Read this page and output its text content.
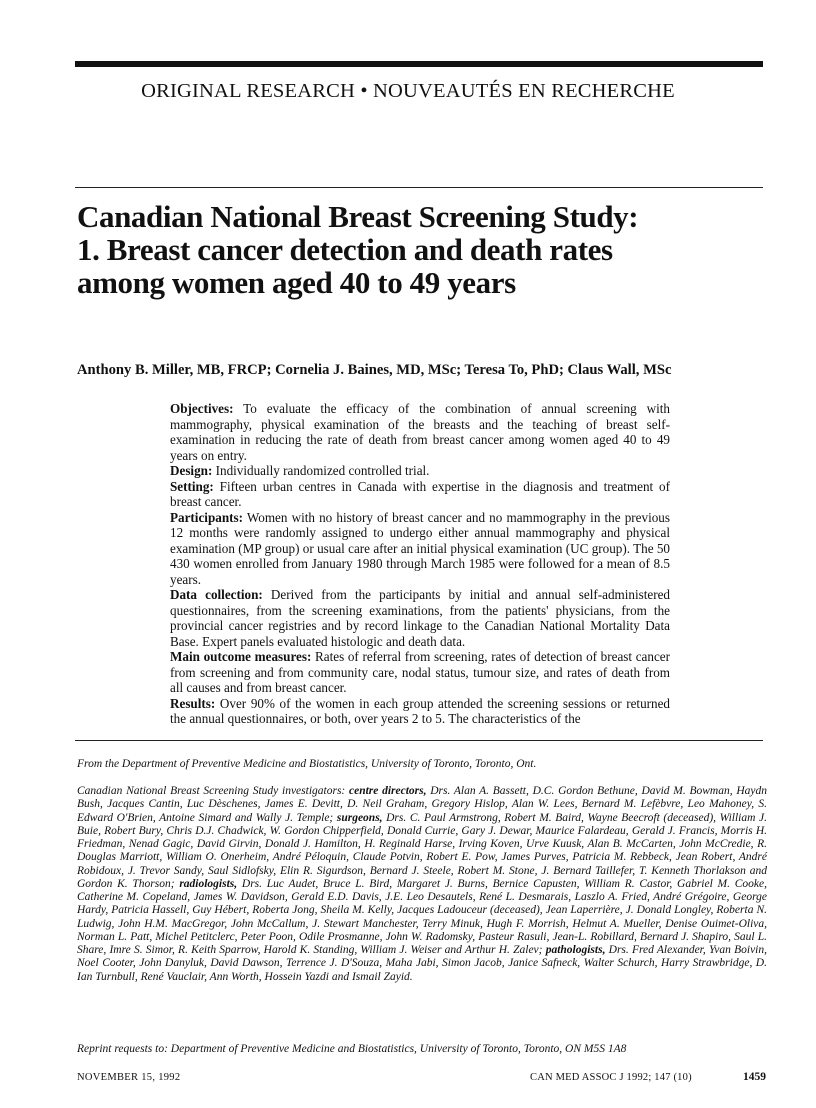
ORIGINAL RESEARCH • NOUVEAUTÉS EN RECHERCHE
Canadian National Breast Screening Study:
1. Breast cancer detection and death rates
among women aged 40 to 49 years
Anthony B. Miller, MB, FRCP; Cornelia J. Baines, MD, MSc; Teresa To, PhD; Claus Wall, MSc

Objectives: To evaluate the efficacy of the combination of annual screening with mammography, physical examination of the breasts and the teaching of breast self-examination in reducing the rate of death from breast cancer among women aged 40 to 49 years on entry.

Design: Individually randomized controlled trial.

Setting: Fifteen urban centres in Canada with expertise in the diagnosis and treatment of breast cancer.

Participants: Women with no history of breast cancer and no mammography in the previous 12 months were randomly assigned to undergo either annual mammography and physical examination (MP group) or usual care after an initial physical examination (UC group). The 50 430 women enrolled from January 1980 through March 1985 were followed for a mean of 8.5 years.

Data collection: Derived from the participants by initial and annual self-administered questionnaires, from the screening examinations, from the patients' physicians, from the provincial cancer registries and by record linkage to the Canadian National Mortality Data Base. Expert panels evaluated histologic and death data.

Main outcome measures: Rates of referral from screening, rates of detection of breast cancer from screening and from community care, nodal status, tumour size, and rates of death from all causes and from breast cancer.

Results: Over 90% of the women in each group attended the screening sessions or returned the annual questionnaires, or both, over years 2 to 5. The characteristics of the

From the Department of Preventive Medicine and Biostatistics, University of Toronto, Toronto, Ont.
Canadian National Breast Screening Study investigators: centre directors, Drs. Alan A. Bassett, D.C. Gordon Bethune, David M. Bowman, Haydn Bush, Jacques Cantin, Luc Dèschenes, James E. Devitt, D. Neil Graham, Gregory Hislop, Alan W. Lees, Bernard M. Lefèbvre, Leo Mahoney, S. Edward O'Brien, Antoine Simard and Wally J. Temple; surgeons, Drs. C. Paul Armstrong, Robert M. Baird, Wayne Beecroft (deceased), William J. Buie, Robert Bury, Chris D.J. Chadwick, W. Gordon Chipperfield, Donald Currie, Gary J. Dewar, Maurice Falardeau, Gerald J. Francis, Morris H. Friedman, Nenad Gagic, David Girvin, Donald J. Hamilton, H. Reginald Harse, Irving Koven, Urve Kuusk, Alan B. McCarten, John McCredie, R. Douglas Marriott, William O. Onerheim, André Péloquin, Claude Potvin, Robert E. Pow, James Purves, Patricia M. Rebbeck, Jean Robert, André Robidoux, J. Trevor Sandy, Saul Sidlofsky, Elin R. Sigurdson, Bernard J. Steele, Robert M. Stone, J. Bernard Taillefer, T. Kenneth Thorlakson and Gordon K. Thorson; radiologists, Drs. Luc Audet, Bruce L. Bird, Margaret J. Burns, Bernice Capusten, William R. Castor, Gabriel M. Cooke, Catherine M. Copeland, James W. Davidson, Gerald E.D. Davis, J.E. Leo Desautels, René L. Desmarais, Laszlo A. Fried, André Grégoire, George Hardy, Patricia Hassell, Guy Hébert, Roberta Jong, Sheila M. Kelly, Jacques Ladouceur (deceased), Jean Laperrière, J. Donald Longley, Roberta N. Ludwig, John H.M. MacGregor, John McCallum, J. Stewart Manchester, Terry Minuk, Hugh F. Morrish, Helmut A. Mueller, Denise Ouimet-Oliva, Norman L. Patt, Michel Petitclerc, Peter Poon, Odile Prosmanne, John W. Radomsky, Pasteur Rasuli, Jean-L. Robillard, Bernard J. Shapiro, Saul L. Share, Imre S. Simor, R. Keith Sparrow, Harold K. Standing, William J. Weiser and Arthur H. Zalev; pathologists, Drs. Fred Alexander, Yvan Boivin, Noel Cooter, John Danyluk, David Dawson, Terrence J. D'Souza, Maha Jabi, Simon Jacob, Janice Safneck, Walter Schurch, Harry Strawbridge, D. Ian Turnbull, René Vauclair, Ann Worth, Hossein Yazdi and Ismail Zayid.
Reprint requests to: Department of Preventive Medicine and Biostatistics, University of Toronto, Toronto, ON M5S 1A8
NOVEMBER 15, 1992	CAN MED ASSOC J 1992; 147 (10)	1459
